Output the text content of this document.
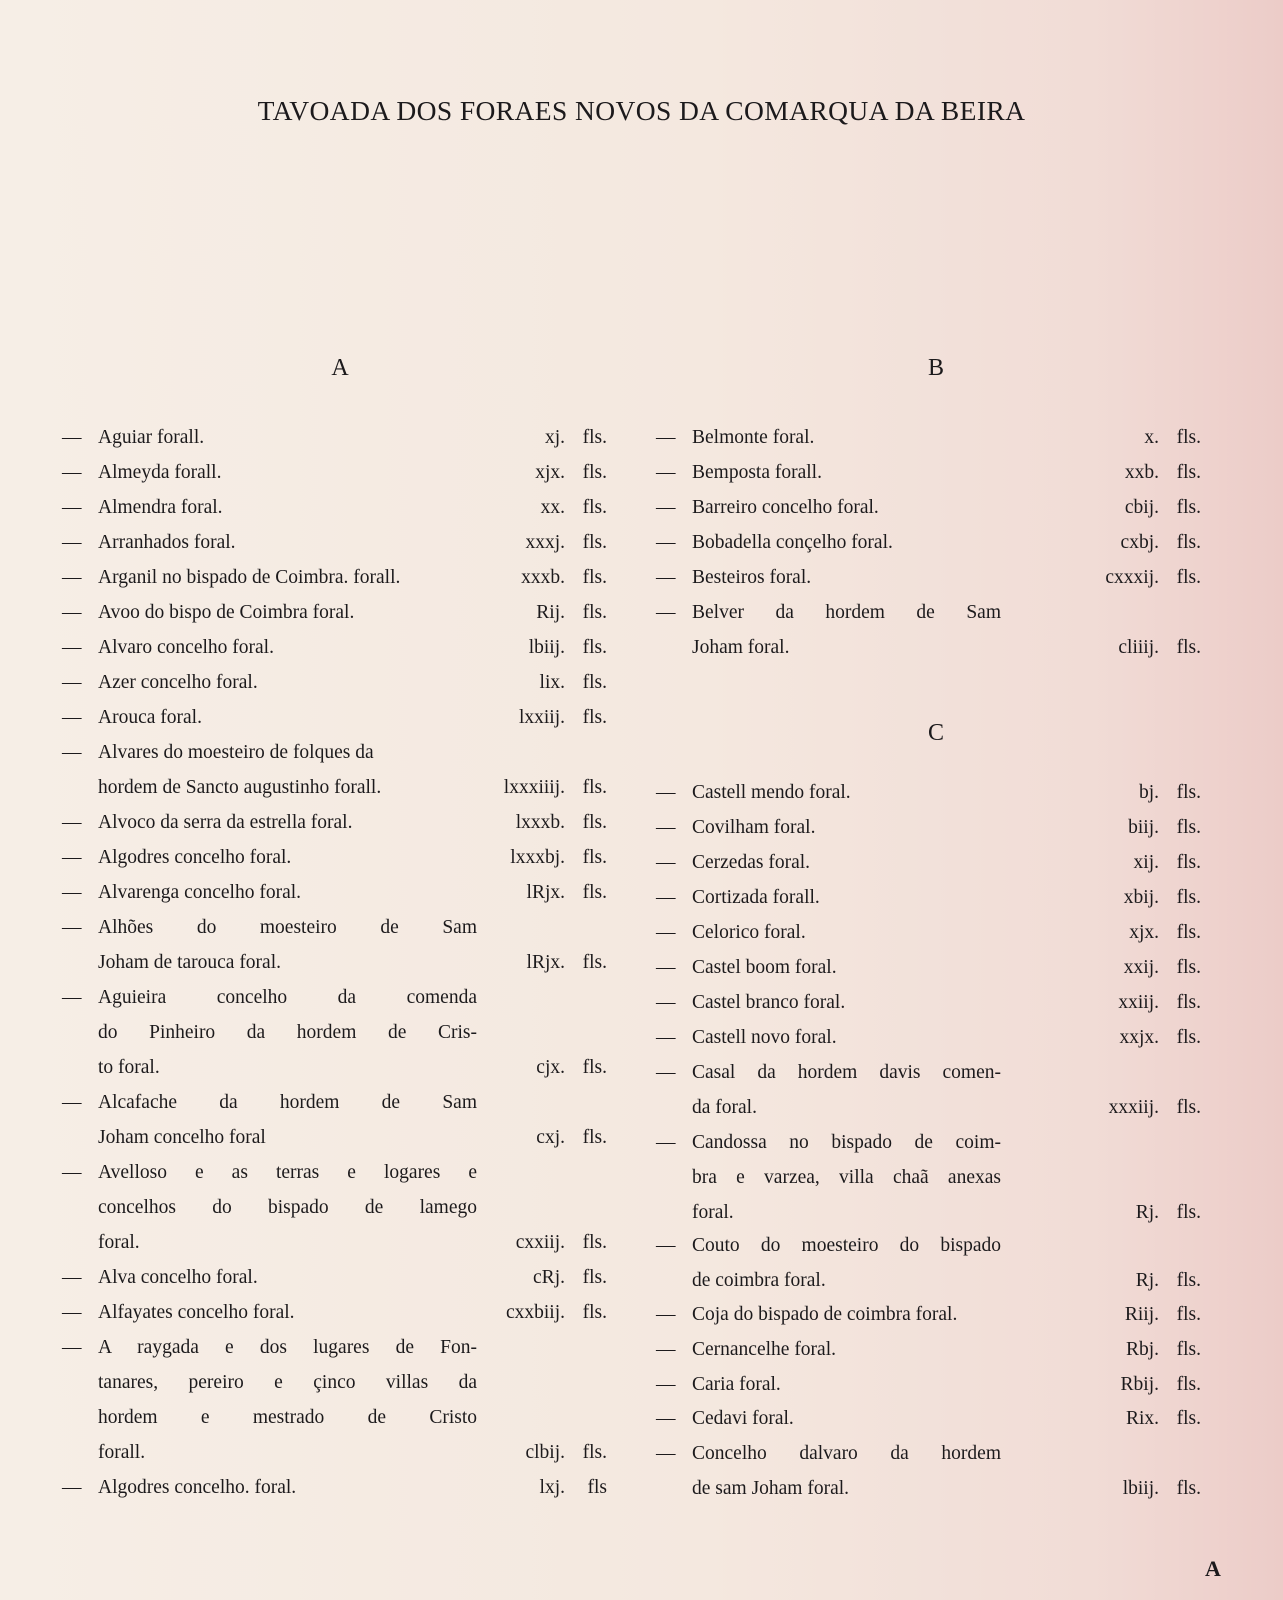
TAVOADA DOS FORAES NOVOS DA COMARQUA DA BEIRA
A	B
C
— Aguiar forall.	xj. fls.
— Almeyda forall.	xjx. fls.
— Almendra foral.	xx. fls.
— Arranhados foral.	xxxj. fls.
— Arganil no bispado de Coimbra. forall.	xxxb. fls.
— Avoo do bispo de Coimbra foral.	Rij. fls.
— Alvaro concelho foral.	lbiij. fls.
— Azer concelho foral.	lix. fls.
— Arouca foral.	lxxiij. fls.
— Alvares do moesteiro de folques da
hordem de Sancto augustinho forall.	lxxxiiij. fls.
— Alvoco da serra da estrella foral.	lxxxb. fls.
— Algodres concelho foral.	lxxxbj. fls.
— Alvarenga concelho foral.	lRjx. fls.
— Alhões do moesteiro de Sam
Joham de tarouca foral.	lRjx. fls.
— Aguieira concelho da comenda
do Pinheiro da hordem de Cris-
to foral.	cjx. fls.
— Alcafache da hordem de Sam
Joham concelho foral	cxj. fls.
— Avelloso e as terras e logares e
concelhos do bispado de lamego
foral.	cxxiij. fls.
— Alva concelho foral.	cRj. fls.
— Alfayates concelho foral.	cxxbiij. fls.
— A raygada e dos lugares de Fon-
tanares, pereiro e çinco villas da
hordem e mestrado de Cristo
forall.	clbij. fls.
— Algodres concelho. foral.	lxj. fls
— Belmonte foral.	x. fls.
— Bemposta forall.	xxb. fls.
— Barreiro concelho foral.	cbij. fls.
— Bobadella conçelho foral.	cxbj. fls.
— Besteiros foral.	cxxxij. fls.
— Belver da hordem de Sam
Joham foral.	cliiij. fls.
— Castell mendo foral.	bj. fls.
— Covilham foral.	biij. fls.
— Cerzedas foral.	xij. fls.
— Cortizada forall.	xbij. fls.
— Celorico foral.	xjx. fls.
— Castel boom foral.	xxij. fls.
— Castel branco foral.	xxiij. fls.
— Castell novo foral.	xxjx. fls.
— Casal da hordem davis comen-
da foral.	xxxiij. fls.
— Candossa no bispado de coim-
bra e varzea, villa chaã anexas
foral.	Rj. fls.
— Couto do moesteiro do bispado
de coimbra foral.	Rj. fls.
— Coja do bispado de coimbra foral.	Riij. fls.
— Cernancelhe foral.	Rbj. fls.
— Caria foral.	Rbij. fls.
— Cedavi foral.	Rix. fls.
— Concelho dalvaro da hordem
de sam Joham foral.	lbiij. fls.
A
